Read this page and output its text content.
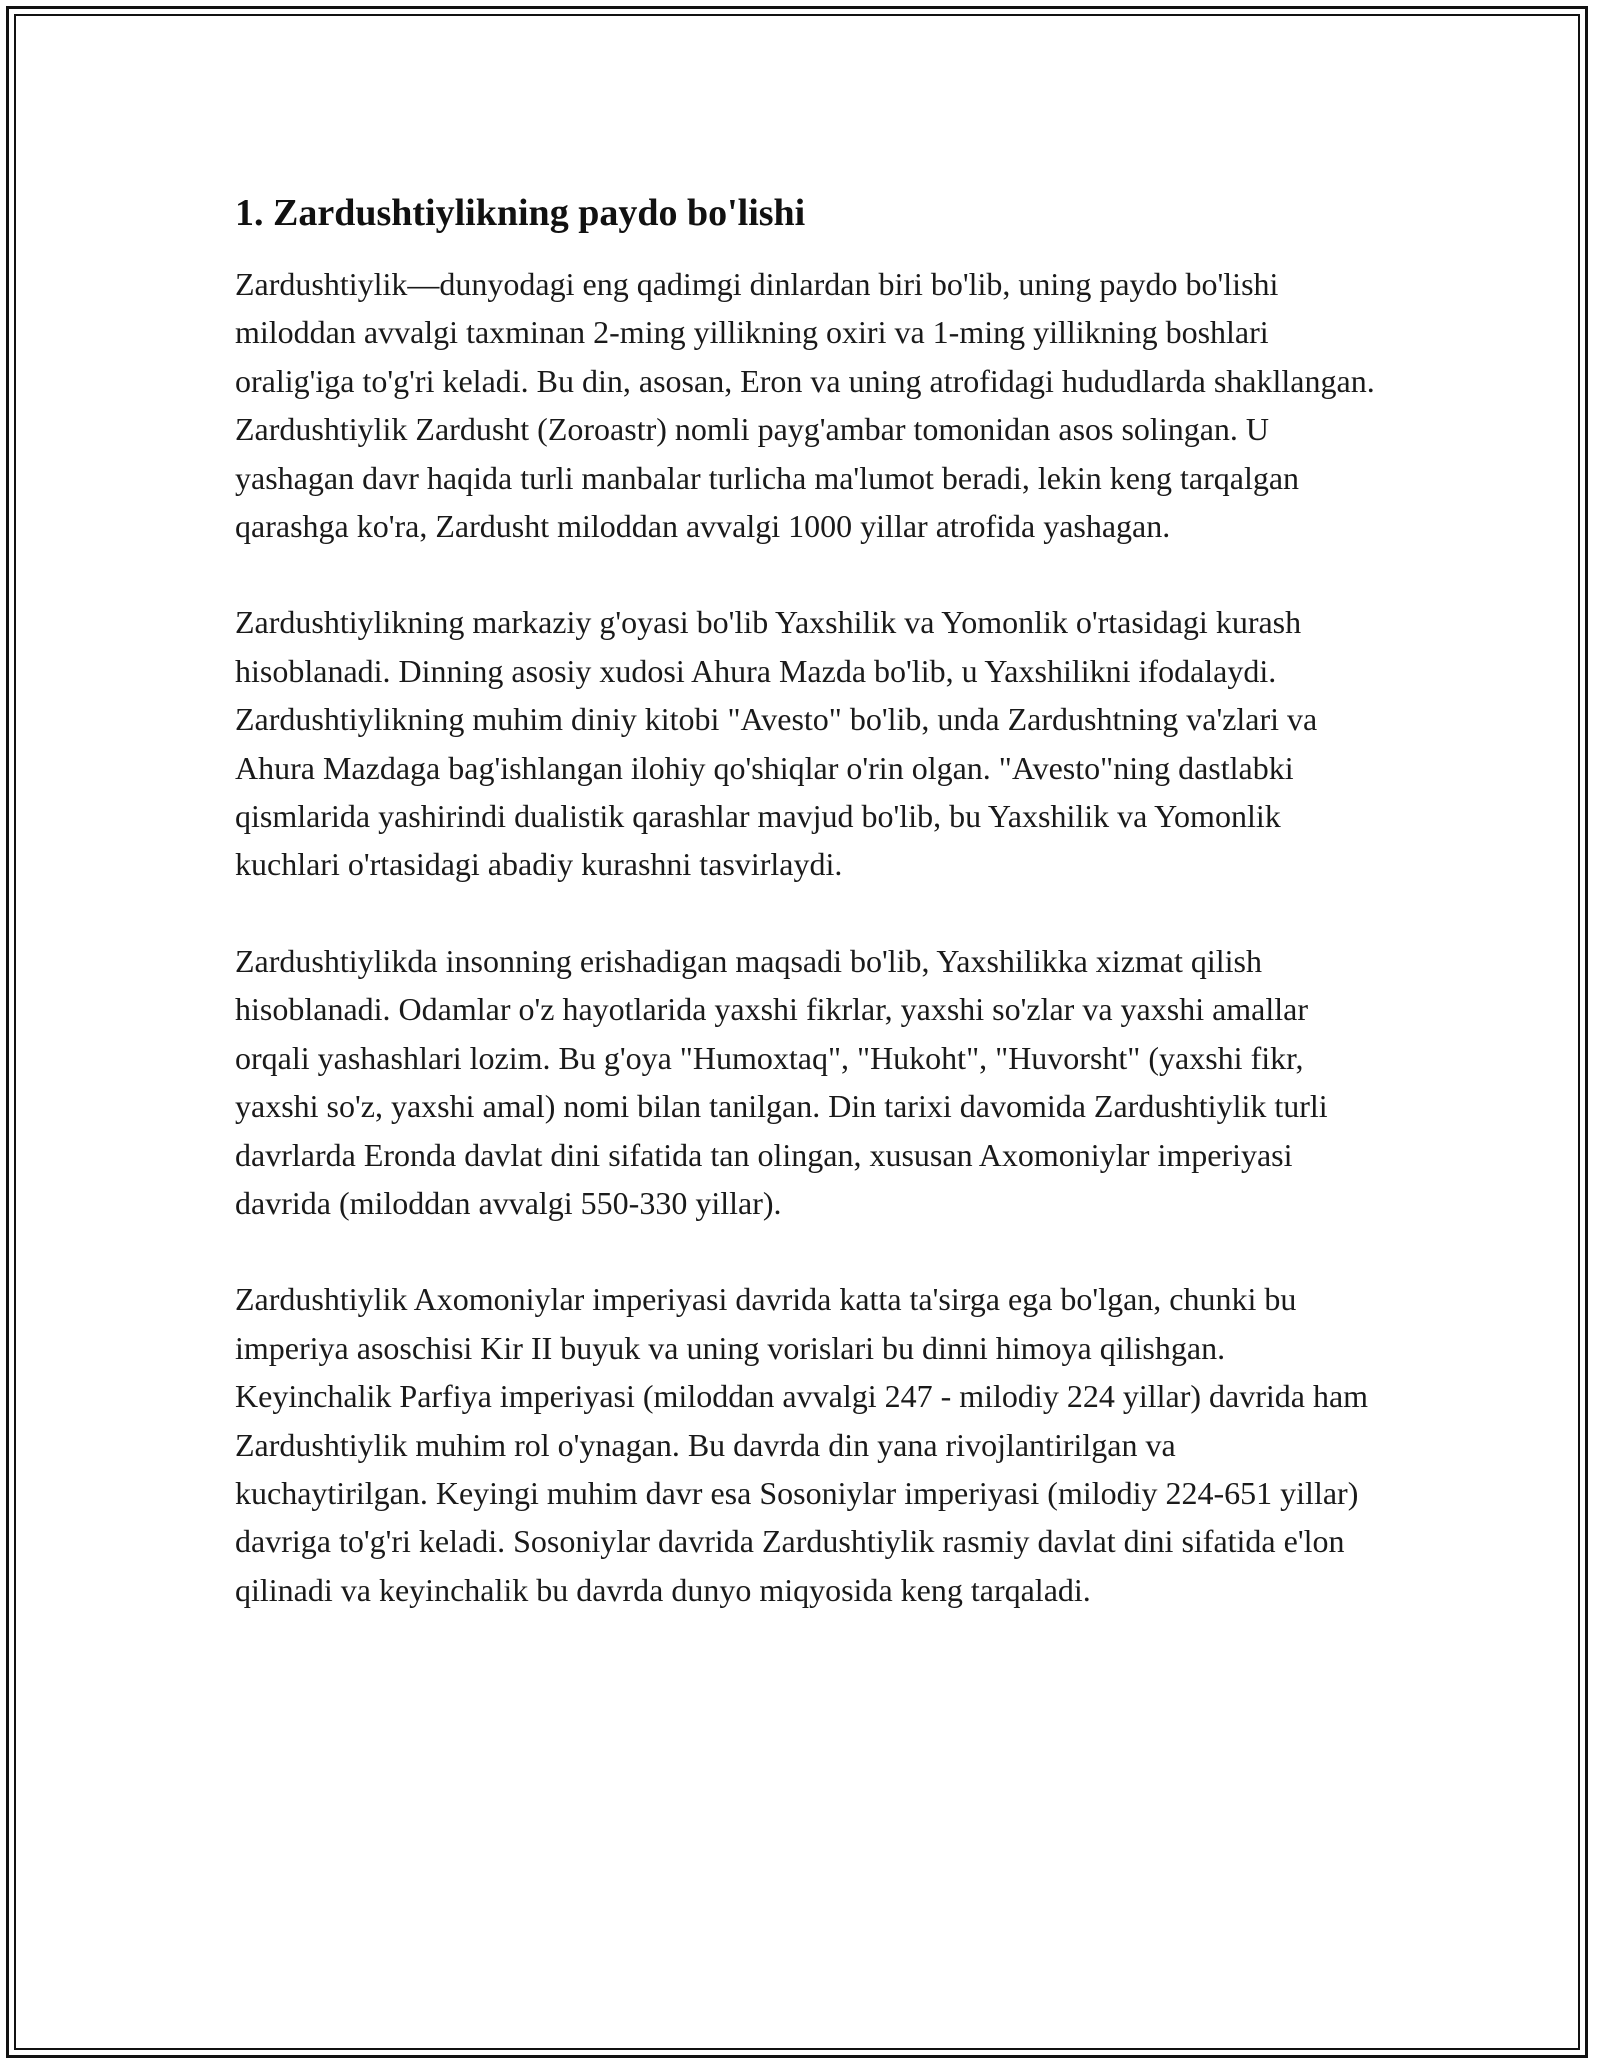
1. Zardushtiylikning paydo bo'lishi

Zardushtiylik—dunyodagi eng qadimgi dinlardan biri bo'lib, uning paydo bo'lishi miloddan avvalgi taxminan 2-ming yillikning oxiri va 1-ming yillikning boshlari oralig'iga to'g'ri keladi. Bu din, asosan, Eron va uning atrofidagi hududlarda shakllangan. Zardushtiylik Zardusht (Zoroastr) nomli payg'ambar tomonidan asos solingan. U yashagan davr haqida turli manbalar turlicha ma'lumot beradi, lekin keng tarqalgan qarashga ko'ra, Zardusht miloddan avvalgi 1000 yillar atrofida yashagan.

Zardushtiylikning markaziy g'oyasi bo'lib Yaxshilik va Yomonlik o'rtasidagi kurash hisoblanadi. Dinning asosiy xudosi Ahura Mazda bo'lib, u Yaxshilikni ifodalaydi. Zardushtiylikning muhim diniy kitobi "Avesto" bo'lib, unda Zardushtning va'zlari va Ahura Mazdaga bag'ishlangan ilohiy qo'shiqlar o'rin olgan. "Avesto"ning dastlabki qismlarida yashirindi dualistik qarashlar mavjud bo'lib, bu Yaxshilik va Yomonlik kuchlari o'rtasidagi abadiy kurashni tasvirlaydi.

Zardushtiylikda insonning erishadigan maqsadi bo'lib, Yaxshilikka xizmat qilish hisoblanadi. Odamlar o'z hayotlarida yaxshi fikrlar, yaxshi so'zlar va yaxshi amallar orqali yashashlari lozim. Bu g'oya "Humoxtaq", "Hukoht", "Huvorsht" (yaxshi fikr, yaxshi so'z, yaxshi amal) nomi bilan tanilgan. Din tarixi davomida Zardushtiylik turli davrlarda Eronda davlat dini sifatida tan olingan, xususan Axomoniylar imperiyasi davrida (miloddan avvalgi 550-330 yillar).

Zardushtiylik Axomoniylar imperiyasi davrida katta ta'sirga ega bo'lgan, chunki bu imperiya asoschisi Kir II buyuk va uning vorislari bu dinni himoya qilishgan. Keyinchalik Parfiya imperiyasi (miloddan avvalgi 247 - milodiy 224 yillar) davrida ham Zardushtiylik muhim rol o'ynagan. Bu davrda din yana rivojlantirilgan va kuchaytirilgan. Keyingi muhim davr esa Sosoniylar imperiyasi (milodiy 224-651 yillar) davriga to'g'ri keladi. Sosoniylar davrida Zardushtiylik rasmiy davlat dini sifatida e'lon qilinadi va keyinchalik bu davrda dunyo miqyosida keng tarqaladi.
